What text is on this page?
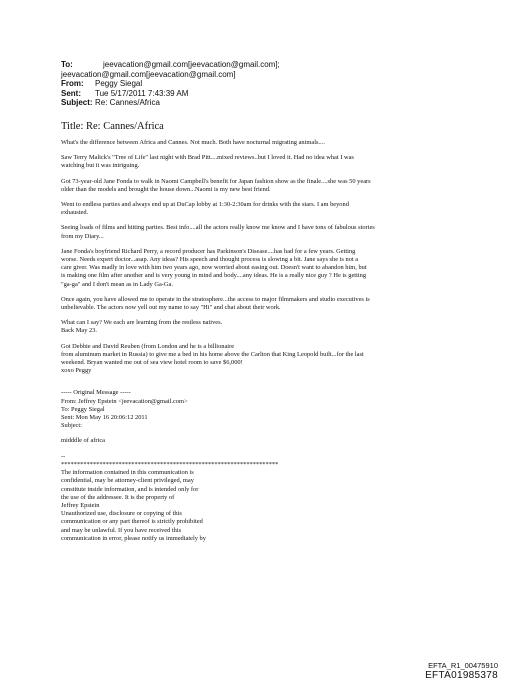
To:	jeevacation@gmail.com[jeevacation@gmail.com];
jeevacation@gmail.com[jeevacation@gmail.com]
From: Peggy Siegal
Sent: Tue 5/17/2011 7:43:39 AM
Subject: Re: Cannes/Africa
Title: Re: Cannes/Africa

What's the difference between Africa and Cannes. Not much. Both have nocturnal migrating animals....

Saw Terry Malick's "Tree of Life" last night with Brad Pitt....mixed reviews..but I loved it. Had no idea what I was
watching but it was intriguing.

Got 73-year-old Jane Fonda to walk in Naomi Campbell's benefit for Japan fashion show as the finale....she was 50 years
older than the models and brought the house down...Naomi is my new best friend.

Went to endless parties and always end up at DuCap lobby at 1:30-2:30am for drinks with the stars. I am beyond
exhausted.

Seeing loads of films and hitting parties. Best info....all the actors really know me know and I have tons of fabulous stories
from my Diary...

Jane Fonda's boyfriend Richard Perry, a record producer has Parkinson's Disease....has had for a few years. Getting
worse. Needs expert doctor...asap. Any ideas? His speech and thought process is slowing a bit. Jane says she is not a
care giver. Was madly in love with him two years ago, now worried about easing out. Doesn't want to abandon him, but
is making one film after another and is very young in mind and body....any ideas. He is a really nice guy ? He is getting
"ga-ga" and I don't mean as in Lady Ga-Ga.

Once again, you have allowed me to operate in the stratosphere...the access to major filmmakers and studio executives is
unbelievable. The actors now yell out my name to say "Hi" and chat about their work.

What can I say? We each are learning from the restless natives.
Back May 23.

Got Debbie and David Reuben (from London and he is a billionaire
from aluminum market in Russia) to give me a bed in his home above the Carlton that King Leopold built...for the last
weekend. Bryan wanted me out of sea view hotel room to save $6,000!
xoxo Peggy

----- Original Message -----
From: Jeffrey Epstein <jeevacation@gmail.com>
To: Peggy Siegal
Sent: Mon May 16 20:06:12 2011
Subject:

midddle of africa

--
********************************************************************
The information contained in this communication is
confidential, may be attorney-client privileged, may
constitute inside information, and is intended only for
the use of the addressee. It is the property of
Jeffrey Epstein
Unauthorized use, disclosure or copying of this
communication or any part thereof is strictly prohibited
and may be unlawful. If you have received this
communication in error, please notify us immediately by

EFTA_R1_00475910
EFTA01985378
